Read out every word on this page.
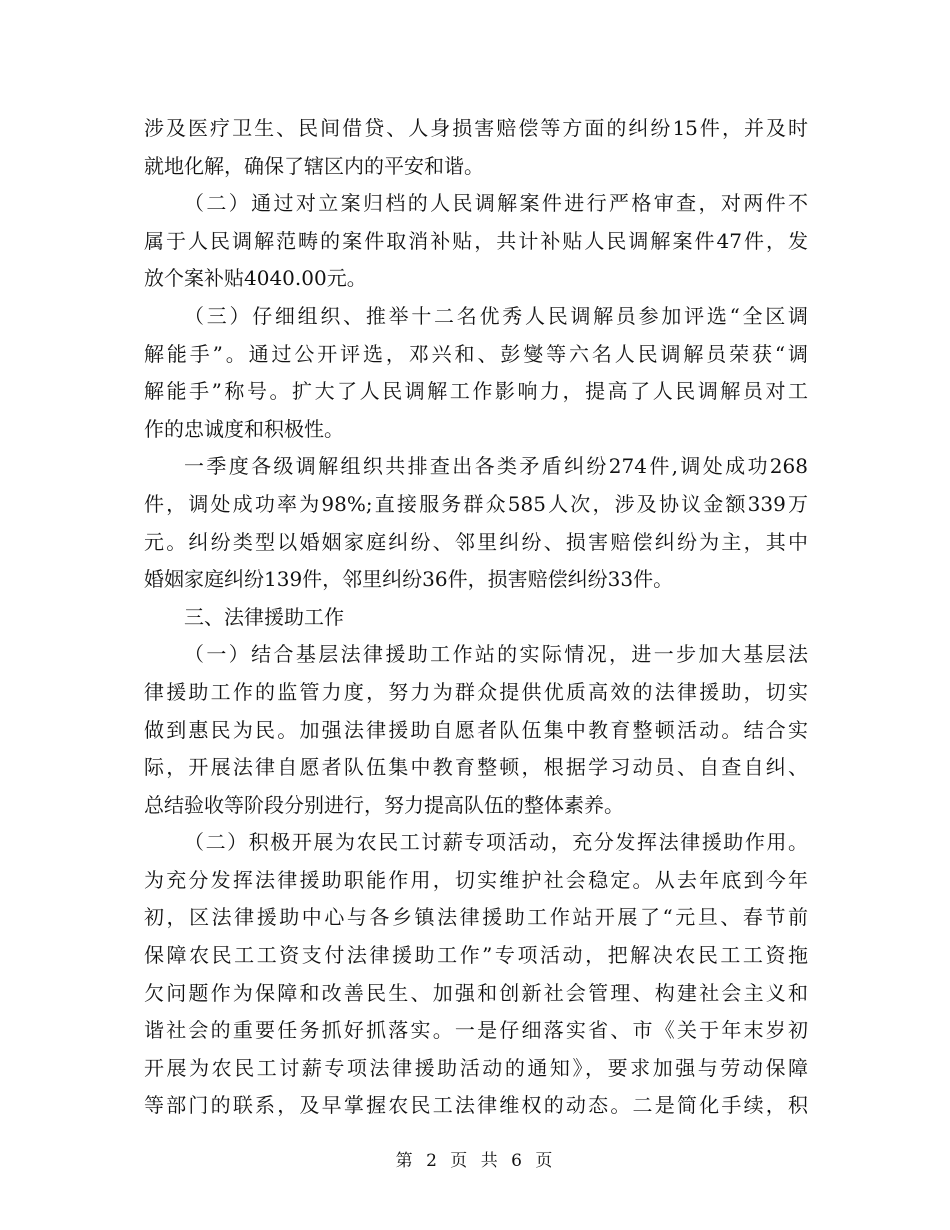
涉及医疗卫生、民间借贷、人身损害赔偿等方面的纠纷15件，并及时
就地化解，确保了辖区内的平安和谐。
（二）通过对立案归档的人民调解案件进行严格审查，对两件不
属于人民调解范畴的案件取消补贴，共计补贴人民调解案件47件，发
放个案补贴4040.00元。
（三）仔细组织、推举十二名优秀人民调解员参加评选“全区调
解能手”。通过公开评选，邓兴和、彭燮等六名人民调解员荣获“调
解能手”称号。扩大了人民调解工作影响力，提高了人民调解员对工
作的忠诚度和积极性。
一季度各级调解组织共排查出各类矛盾纠纷274件,调处成功268
件，调处成功率为98%;直接服务群众585人次，涉及协议金额339万
元。纠纷类型以婚姻家庭纠纷、邻里纠纷、损害赔偿纠纷为主，其中
婚姻家庭纠纷139件，邻里纠纷36件，损害赔偿纠纷33件。
三、法律援助工作
（一）结合基层法律援助工作站的实际情况，进一步加大基层法
律援助工作的监管力度，努力为群众提供优质高效的法律援助，切实
做到惠民为民。加强法律援助自愿者队伍集中教育整顿活动。结合实
际，开展法律自愿者队伍集中教育整顿，根据学习动员、自查自纠、
总结验收等阶段分别进行，努力提高队伍的整体素养。
（二）积极开展为农民工讨薪专项活动，充分发挥法律援助作用。
为充分发挥法律援助职能作用，切实维护社会稳定。从去年底到今年
初，区法律援助中心与各乡镇法律援助工作站开展了“元旦、春节前
保障农民工工资支付法律援助工作”专项活动，把解决农民工工资拖
欠问题作为保障和改善民生、加强和创新社会管理、构建社会主义和
谐社会的重要任务抓好抓落实。一是仔细落实省、市《关于年末岁初
开展为农民工讨薪专项法律援助活动的通知》，要求加强与劳动保障
等部门的联系，及早掌握农民工法律维权的动态。二是简化手续，积
第 2 页 共 6 页
